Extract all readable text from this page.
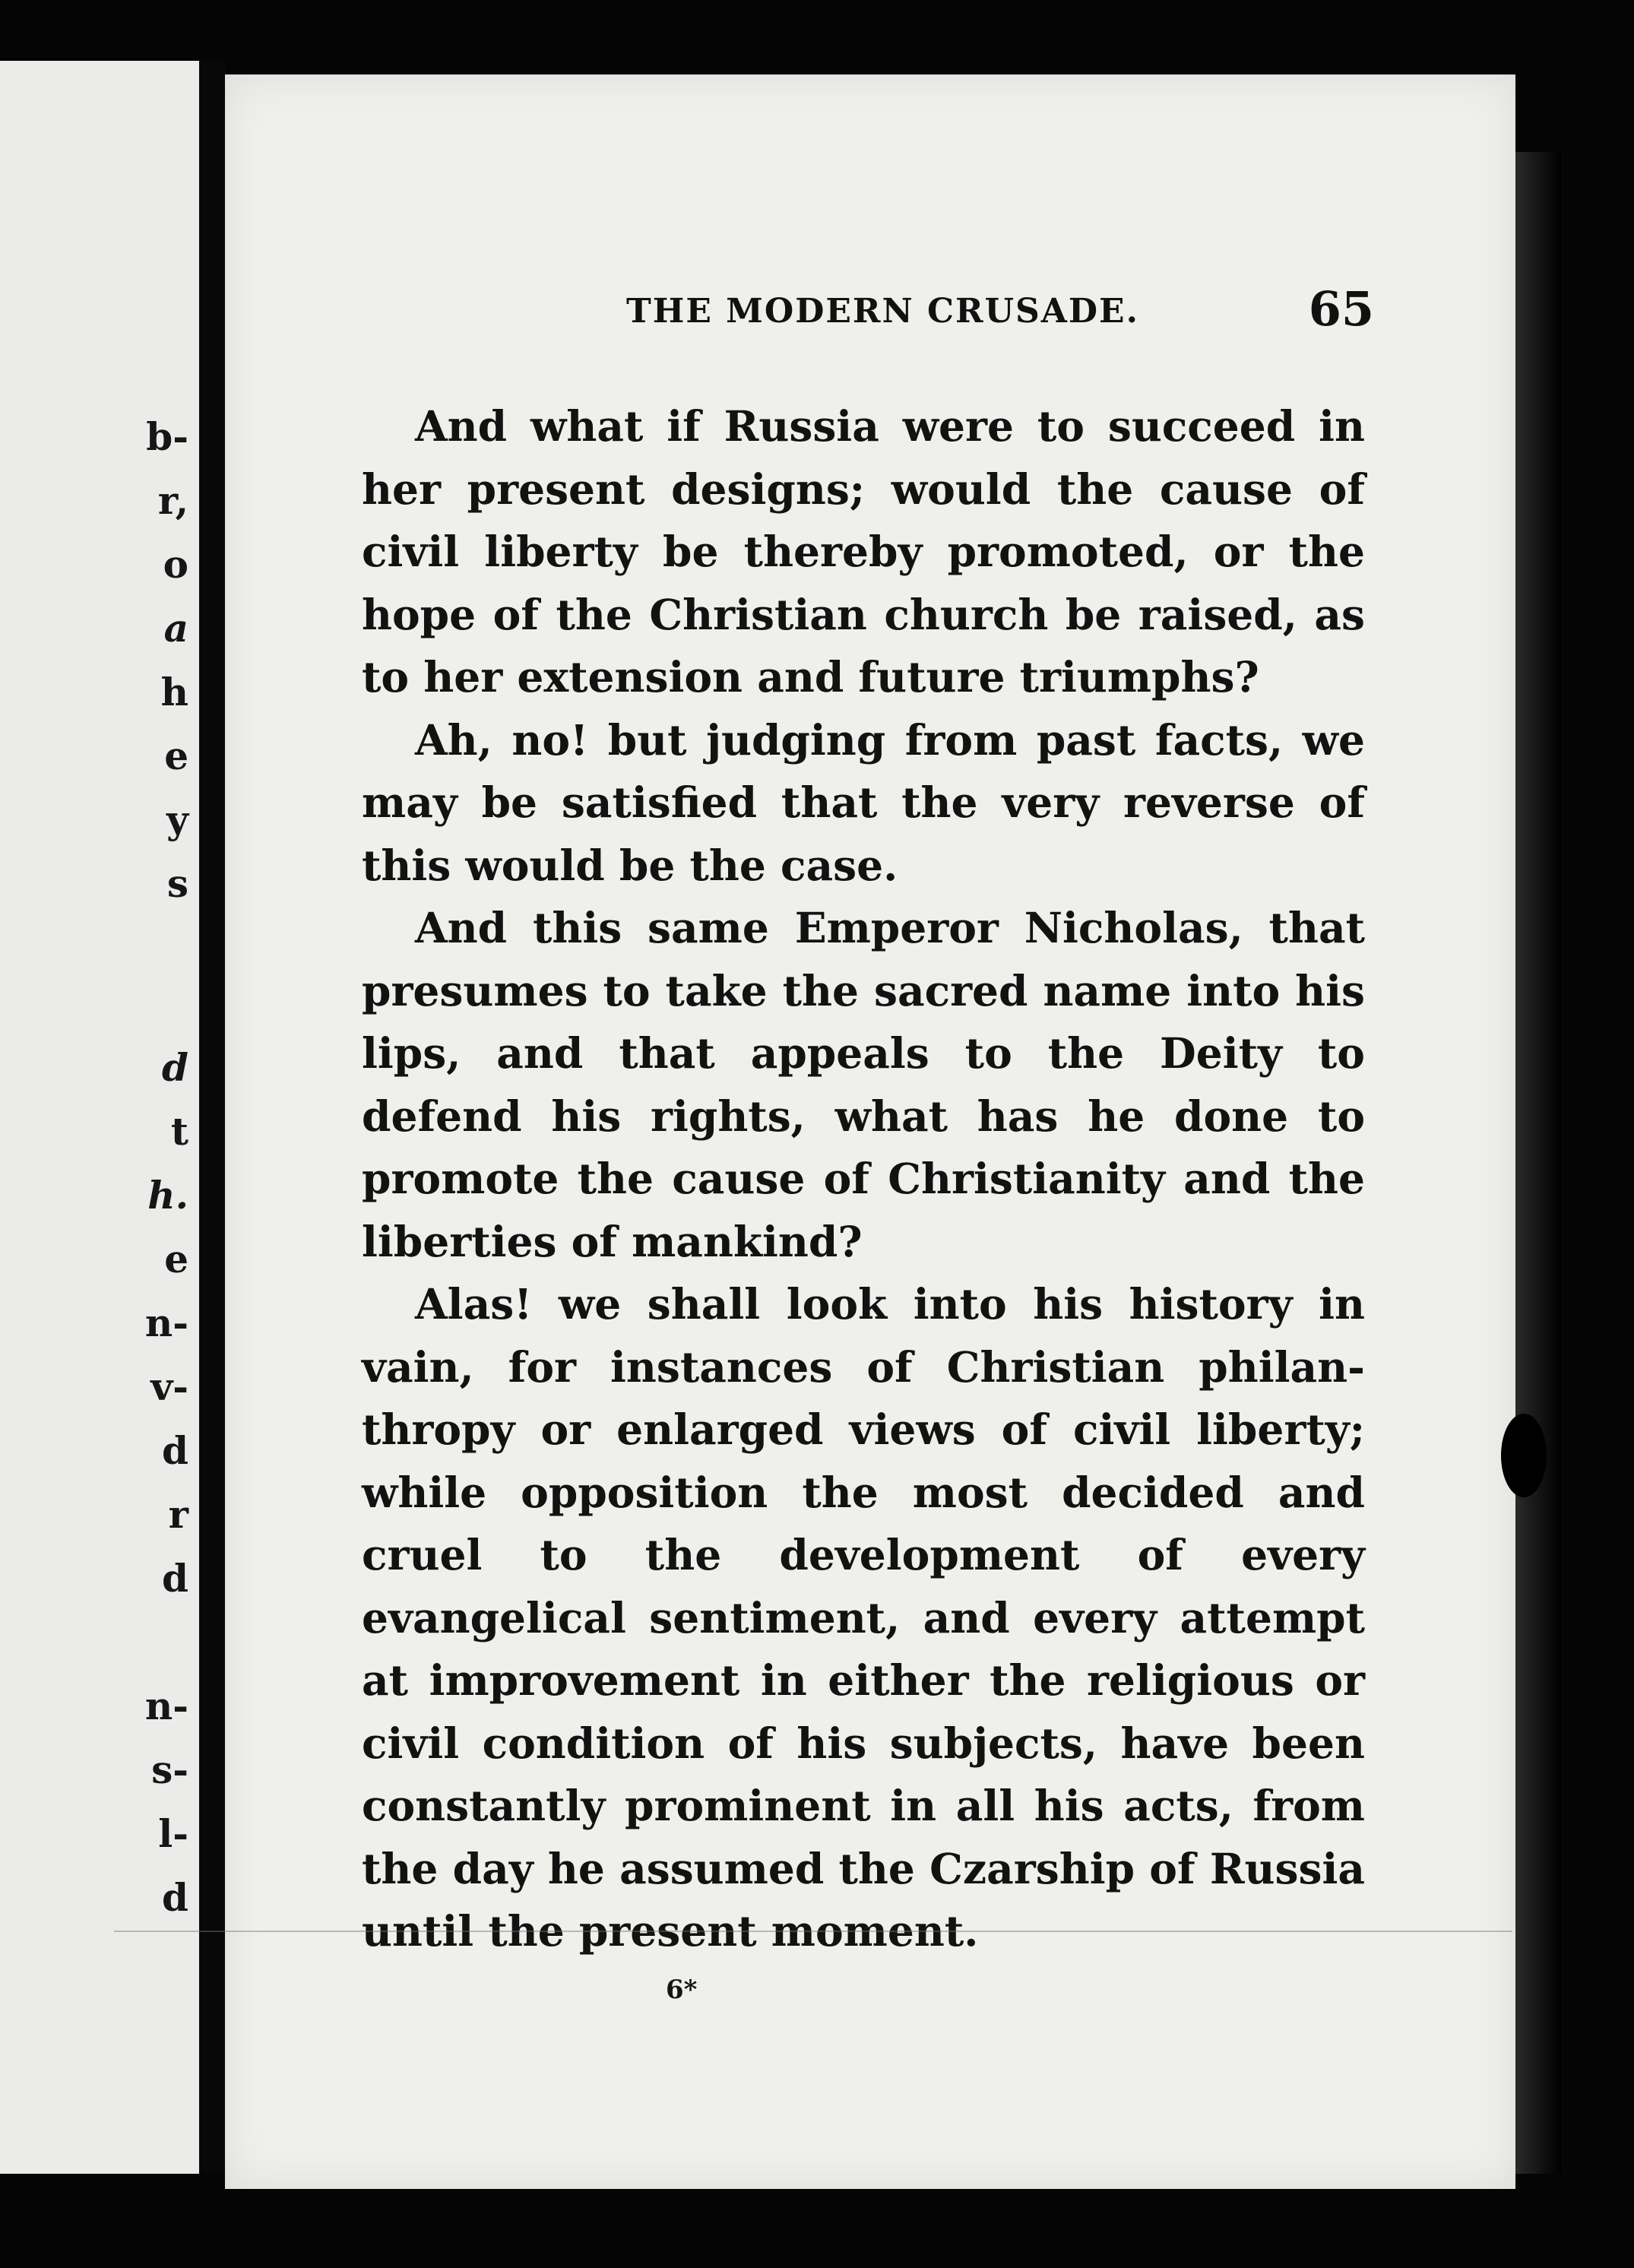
b-
r,
o
a
h
e
y
s
d
t
h.
e
n-
v-
d
r
d
n-
s-
l-
d
THE MODERN CRUSADE.	65

And what if Russia were to succeed in her present designs; would the cause of civil liberty be thereby promoted, or the hope of the Christian church be raised, as to her extension and future triumphs?

Ah, no! but judging from past facts, we may be satisfied that the very reverse of this would be the case.

And this same Emperor Nicholas, that presumes to take the sacred name into his lips, and that appeals to the Deity to defend his rights, what has he done to promote the cause of Christianity and the liberties of mankind?

Alas! we shall look into his history in vain, for instances of Christian philanthropy or enlarged views of civil liberty; while opposition the most decided and cruel to the development of every evangelical sentiment, and every attempt at improvement in either the religious or civil condition of his subjects, have been constantly prominent in all his acts, from the day he assumed the Czarship of Russia until the present moment.

6*
